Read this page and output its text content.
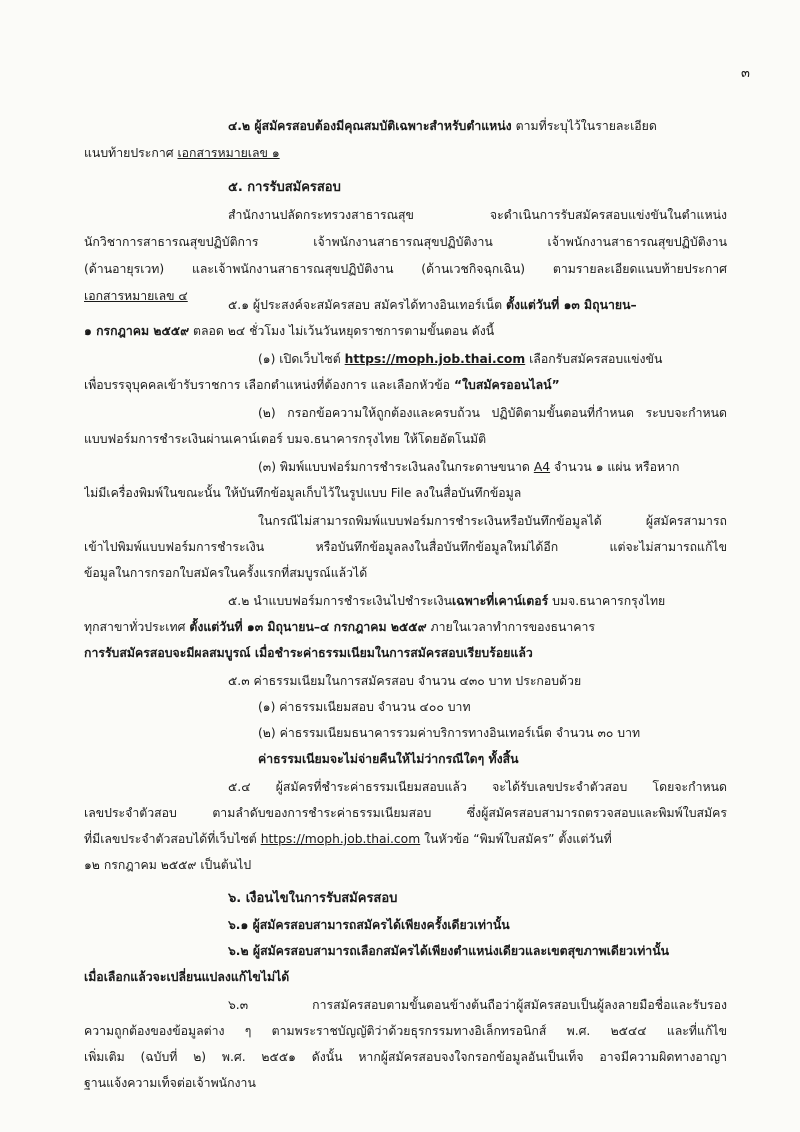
๓
๔.๒ ผู้สมัครสอบต้องมีคุณสมบัติเฉพาะสำหรับตำแหน่ง ตามที่ระบุไว้ในรายละเอียด
แนบท้ายประกาศ เอกสารหมายเลข ๑
๕. การรับสมัครสอบ
สำนักงานปลัดกระทรวงสาธารณสุข จะดำเนินการรับสมัครสอบแข่งขันในตำแหน่ง
นักวิชาการสาธารณสุขปฏิบัติการ เจ้าพนักงานสาธารณสุขปฏิบัติงาน เจ้าพนักงานสาธารณสุขปฏิบัติงาน
(ด้านอายุรเวท) และเจ้าพนักงานสาธารณสุขปฏิบัติงาน (ด้านเวชกิจฉุกเฉิน) ตามรายละเอียดแนบท้ายประกาศ
เอกสารหมายเลข ๔
๕.๑ ผู้ประสงค์จะสมัครสอบ สมัครได้ทางอินเทอร์เน็ต ตั้งแต่วันที่ ๑๓ มิถุนายน–
๑ กรกฎาคม ๒๕๕๙ ตลอด ๒๔ ชั่วโมง ไม่เว้นวันหยุดราชการตามขั้นตอน ดังนี้
(๑) เปิดเว็บไซต์ https://moph.job.thai.com เลือกรับสมัครสอบแข่งขัน
เพื่อบรรจุบุคคลเข้ารับราชการ เลือกตำแหน่งที่ต้องการ และเลือกหัวข้อ “ใบสมัครออนไลน์”
(๒) กรอกข้อความให้ถูกต้องและครบถ้วน ปฏิบัติตามขั้นตอนที่กำหนด ระบบจะกำหนด
แบบฟอร์มการชำระเงินผ่านเคาน์เตอร์ บมจ.ธนาคารกรุงไทย ให้โดยอัตโนมัติ
(๓) พิมพ์แบบฟอร์มการชำระเงินลงในกระดาษขนาด A4 จำนวน ๑ แผ่น หรือหาก
ไม่มีเครื่องพิมพ์ในขณะนั้น ให้บันทึกข้อมูลเก็บไว้ในรูปแบบ File ลงในสื่อบันทึกข้อมูล
ในกรณีไม่สามารถพิมพ์แบบฟอร์มการชำระเงินหรือบันทึกข้อมูลได้ ผู้สมัครสามารถ
เข้าไปพิมพ์แบบฟอร์มการชำระเงิน หรือบันทึกข้อมูลลงในสื่อบันทึกข้อมูลใหม่ได้อีก แต่จะไม่สามารถแก้ไข
ข้อมูลในการกรอกใบสมัครในครั้งแรกที่สมบูรณ์แล้วได้
๕.๒ นำแบบฟอร์มการชำระเงินไปชำระเงินเฉพาะที่เคาน์เตอร์ บมจ.ธนาคารกรุงไทย
ทุกสาขาทั่วประเทศ ตั้งแต่วันที่ ๑๓ มิถุนายน–๔ กรกฎาคม ๒๕๕๙ ภายในเวลาทำการของธนาคาร
การรับสมัครสอบจะมีผลสมบูรณ์ เมื่อชำระค่าธรรมเนียมในการสมัครสอบเรียบร้อยแล้ว
๕.๓ ค่าธรรมเนียมในการสมัครสอบ จำนวน ๔๓๐ บาท ประกอบด้วย
(๑) ค่าธรรมเนียมสอบ จำนวน ๔๐๐ บาท
(๒) ค่าธรรมเนียมธนาคารรวมค่าบริการทางอินเทอร์เน็ต จำนวน ๓๐ บาท
ค่าธรรมเนียมจะไม่จ่ายคืนให้ไม่ว่ากรณีใดๆ ทั้งสิ้น
๕.๔ ผู้สมัครที่ชำระค่าธรรมเนียมสอบแล้ว จะได้รับเลขประจำตัวสอบ โดยจะกำหนด
เลขประจำตัวสอบ ตามลำดับของการชำระค่าธรรมเนียมสอบ ซึ่งผู้สมัครสอบสามารถตรวจสอบและพิมพ์ใบสมัคร
ที่มีเลขประจำตัวสอบได้ที่เว็บไซต์ https://moph.job.thai.com ในหัวข้อ “พิมพ์ใบสมัคร” ตั้งแต่วันที่
๑๒ กรกฎาคม ๒๕๕๙ เป็นต้นไป
๖. เงื่อนไขในการรับสมัครสอบ
๖.๑ ผู้สมัครสอบสามารถสมัครได้เพียงครั้งเดียวเท่านั้น
๖.๒ ผู้สมัครสอบสามารถเลือกสมัครได้เพียงตำแหน่งเดียวและเขตสุขภาพเดียวเท่านั้น
เมื่อเลือกแล้วจะเปลี่ยนแปลงแก้ไขไม่ได้
๖.๓ การสมัครสอบตามขั้นตอนข้างต้นถือว่าผู้สมัครสอบเป็นผู้ลงลายมือชื่อและรับรอง
ความถูกต้องของข้อมูลต่าง ๆ ตามพระราชบัญญัติว่าด้วยธุรกรรมทางอิเล็กทรอนิกส์ พ.ศ. ๒๕๔๔ และที่แก้ไข
เพิ่มเติม (ฉบับที่ ๒) พ.ศ. ๒๕๕๑ ดังนั้น หากผู้สมัครสอบจงใจกรอกข้อมูลอันเป็นเท็จ อาจมีความผิดทางอาญา
ฐานแจ้งความเท็จต่อเจ้าพนักงาน
